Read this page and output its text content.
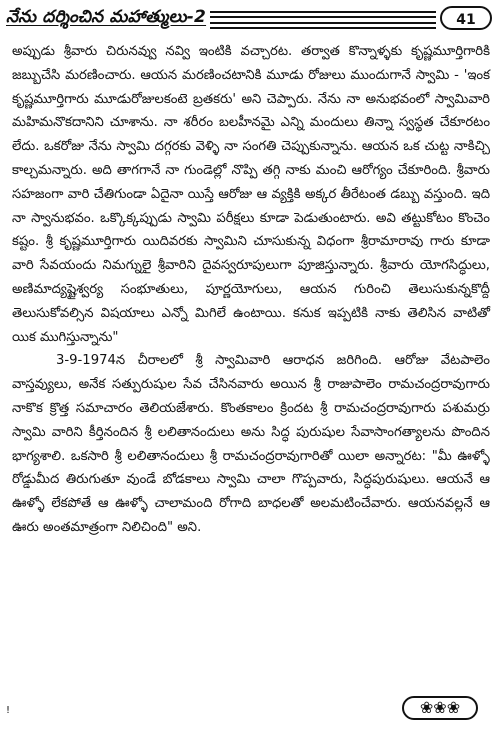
నేను దర్శించిన మహాత్ములు-2	41

అప్పుడు శ్రీవారు చిరునవ్వు నవ్వి ఇంటికి వచ్చారట. తర్వాత కొన్నాళ్ళకు కృష్ణమూర్తిగారికి జబ్బుచేసి మరణించారు. ఆయన మరణించటానికి మూడు రోజులు ముందుగానే స్వామి - 'ఇంక కృష్ణమూర్తిగారు మూడురోజులకంటె బ్రతకరు' అని చెప్పారు. నేను నా అనుభవంలో స్వామివారి మహిమనొకదానిని చూశాను. నా శరీరం బలహీనమై ఎన్ని మందులు తిన్నా స్వస్థత చేకూరటం లేదు. ఒకరోజు నేను స్వామి దగ్గరకు వెళ్ళి నా సంగతి చెప్పుకున్నాను. ఆయన ఒక చుట్ట నాకిచ్చి కాల్చమన్నారు. అది తాగగానే నా గుండెల్లో నొప్పి తగ్గి నాకు మంచి ఆరోగ్యం చేకూరింది. శ్రీవారు సహజంగా వారి చేతిగుండా ఏదైనా యిస్తే ఆరోజు ఆ వ్యక్తికి అక్కర తీరేటంత డబ్బు వస్తుంది. ఇది నా స్వానుభవం. ఒక్కొక్కప్పుడు స్వామి పరీక్షలు కూడా పెడుతుంటారు. అవి తట్టుకోటం కొంచెం కష్టం. శ్రీ కృష్ణమూర్తిగారు యిదివరకు స్వామిని చూసుకున్న విధంగా శ్రీరామారావు గారు కూడా వారి సేవయందు నిమగ్నులై శ్రీవారిని దైవస్వరూపులుగా పూజిస్తున్నారు. శ్రీవారు యోగసిద్ధులు, అణిమాద్యష్టైశ్వర్య సంభూతులు, పూర్ణయోగులు, ఆయన గురించి తెలుసుకున్నకొద్దీ తెలుసుకోవల్సిన విషయాలు ఎన్నో మిగిలే ఉంటాయి. కనుక ఇప్పటికి నాకు తెలిసిన వాటితో యిక ముగిస్తున్నాను"

3-9-1974న చీరాలలో శ్రీ స్వామివారి ఆరాధన జరిగింది. ఆరోజు వేటపాలెం వాస్తవ్యులు, అనేక సత్పురుషుల సేవ చేసినవారు అయిన శ్రీ రాజుపాలెం రామచంద్రరావుగారు నాకొక క్రొత్త సమాచారం తెలియజేశారు. కొంతకాలం క్రిందట శ్రీ రామచంద్రరావుగారు పశుమర్రు స్వామి వారిని కీర్తినందిన శ్రీ లలితానందులు అను సిద్ధ పురుషుల సేవాసాంగత్యాలను పొందిన భాగ్యశాలి. ఒకసారి శ్రీ లలితానందులు శ్రీ రామచంద్రరావుగారితో యిలా అన్నారట: "మీ ఊళ్ళో రోడ్డుమీద తిరుగుతూ వుండే బోడకాలు స్వామి చాలా గొప్పవారు, సిద్ధపురుషులు. ఆయనే ఆ ఊళ్ళో లేకపోతే ఆ ఊళ్ళో చాలామంది రోగాది బాధలతో అలమటించేవారు. ఆయనవల్లనే ఆ ఊరు అంతమాత్రంగా నిలిచింది" అని.

!	❀❀❀
